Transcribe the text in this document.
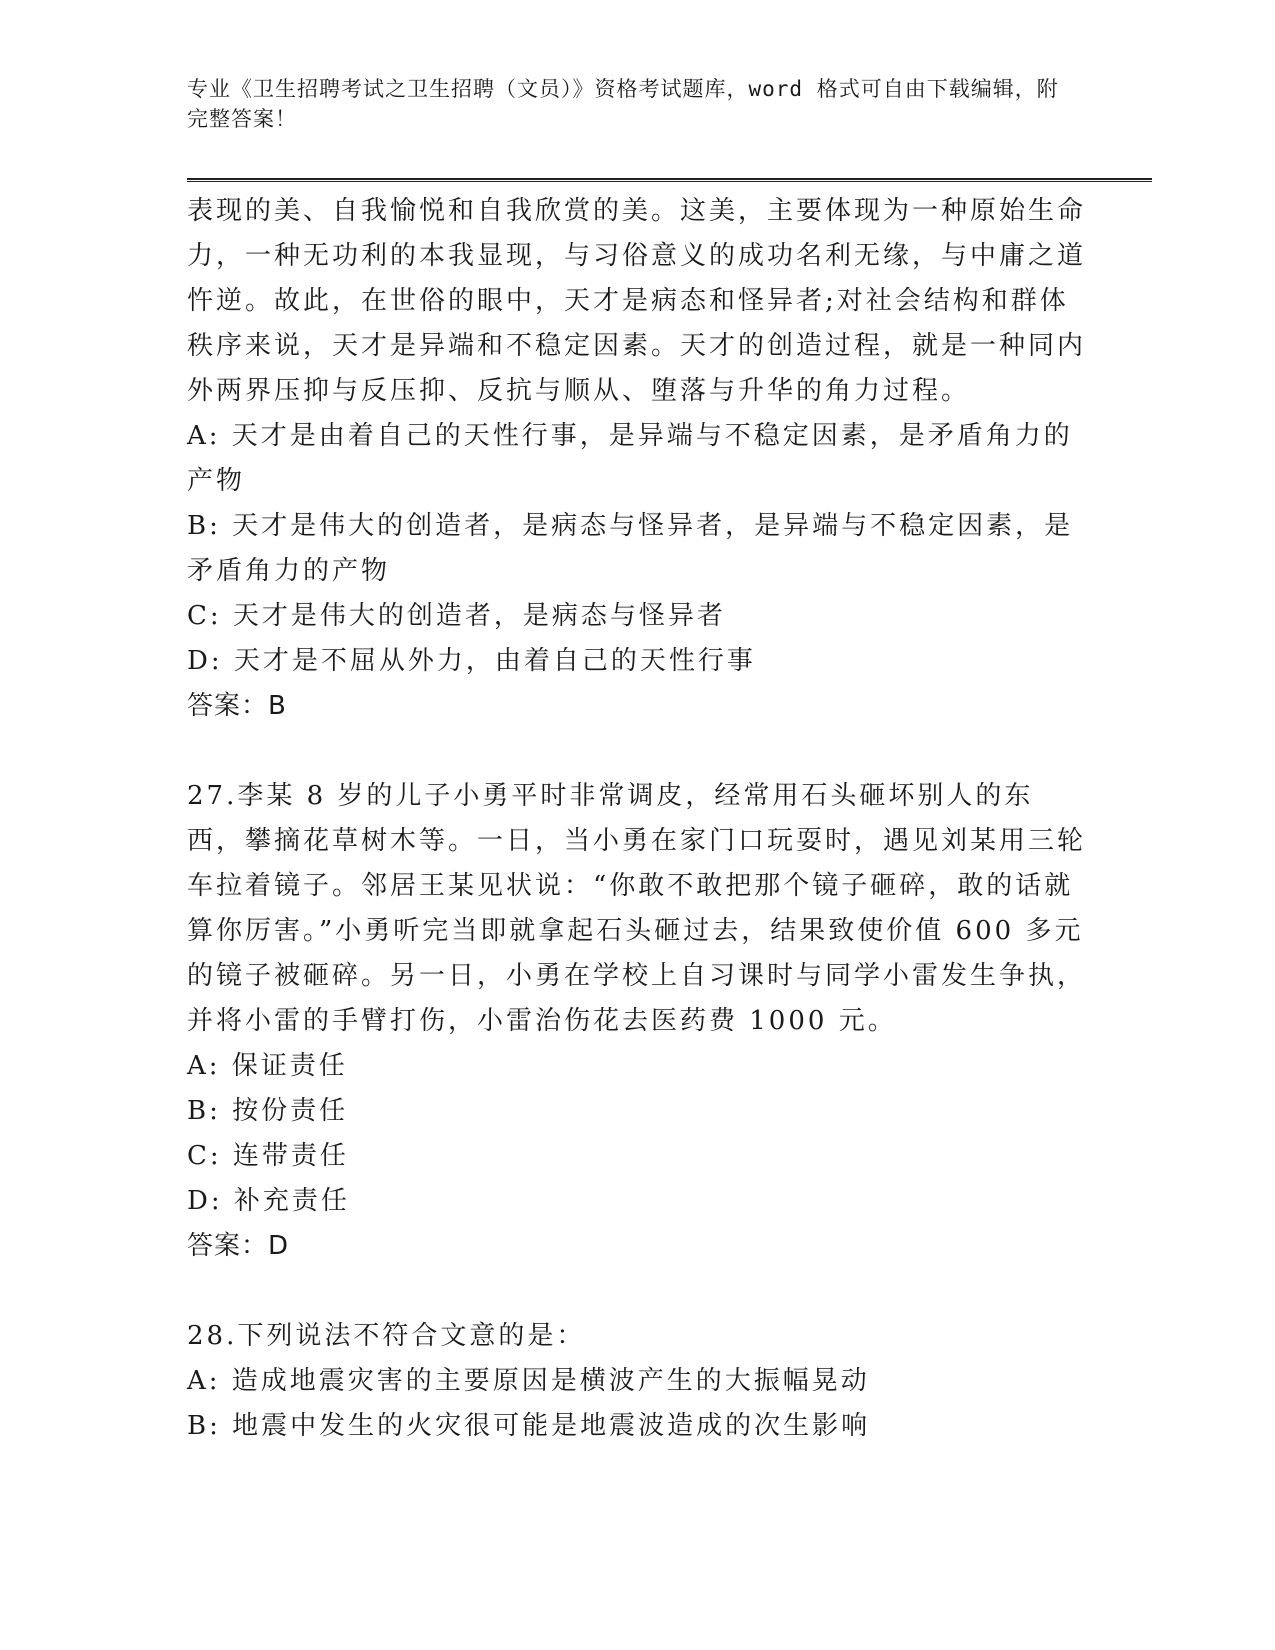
专业《卫生招聘考试之卫生招聘（文员）》资格考试题库，word 格式可自由下载编辑，附完整答案！

表现的美、自我愉悦和自我欣赏的美。这美，主要体现为一种原始生命力，一种无功利的本我显现，与习俗意义的成功名利无缘，与中庸之道忤逆。故此，在世俗的眼中，天才是病态和怪异者;对社会结构和群体秩序来说，天才是异端和不稳定因素。天才的创造过程，就是一种同内外两界压抑与反压抑、反抗与顺从、堕落与升华的角力过程。

A: 天才是由着自己的天性行事，是异端与不稳定因素，是矛盾角力的产物

B: 天才是伟大的创造者，是病态与怪异者，是异端与不稳定因素，是矛盾角力的产物

C: 天才是伟大的创造者，是病态与怪异者

D: 天才是不屈从外力，由着自己的天性行事

答案：B

27.李某 8 岁的儿子小勇平时非常调皮，经常用石头砸坏别人的东西，攀摘花草树木等。一日，当小勇在家门口玩耍时，遇见刘某用三轮车拉着镜子。邻居王某见状说：“你敢不敢把那个镜子砸碎，敢的话就算你厉害。”小勇听完当即就拿起石头砸过去，结果致使价值 600 多元的镜子被砸碎。另一日，小勇在学校上自习课时与同学小雷发生争执，并将小雷的手臂打伤，小雷治伤花去医药费 1000 元。

A: 保证责任

B: 按份责任

C: 连带责任

D: 补充责任

答案：D

28.下列说法不符合文意的是：

A: 造成地震灾害的主要原因是横波产生的大振幅晃动

B: 地震中发生的火灾很可能是地震波造成的次生影响
